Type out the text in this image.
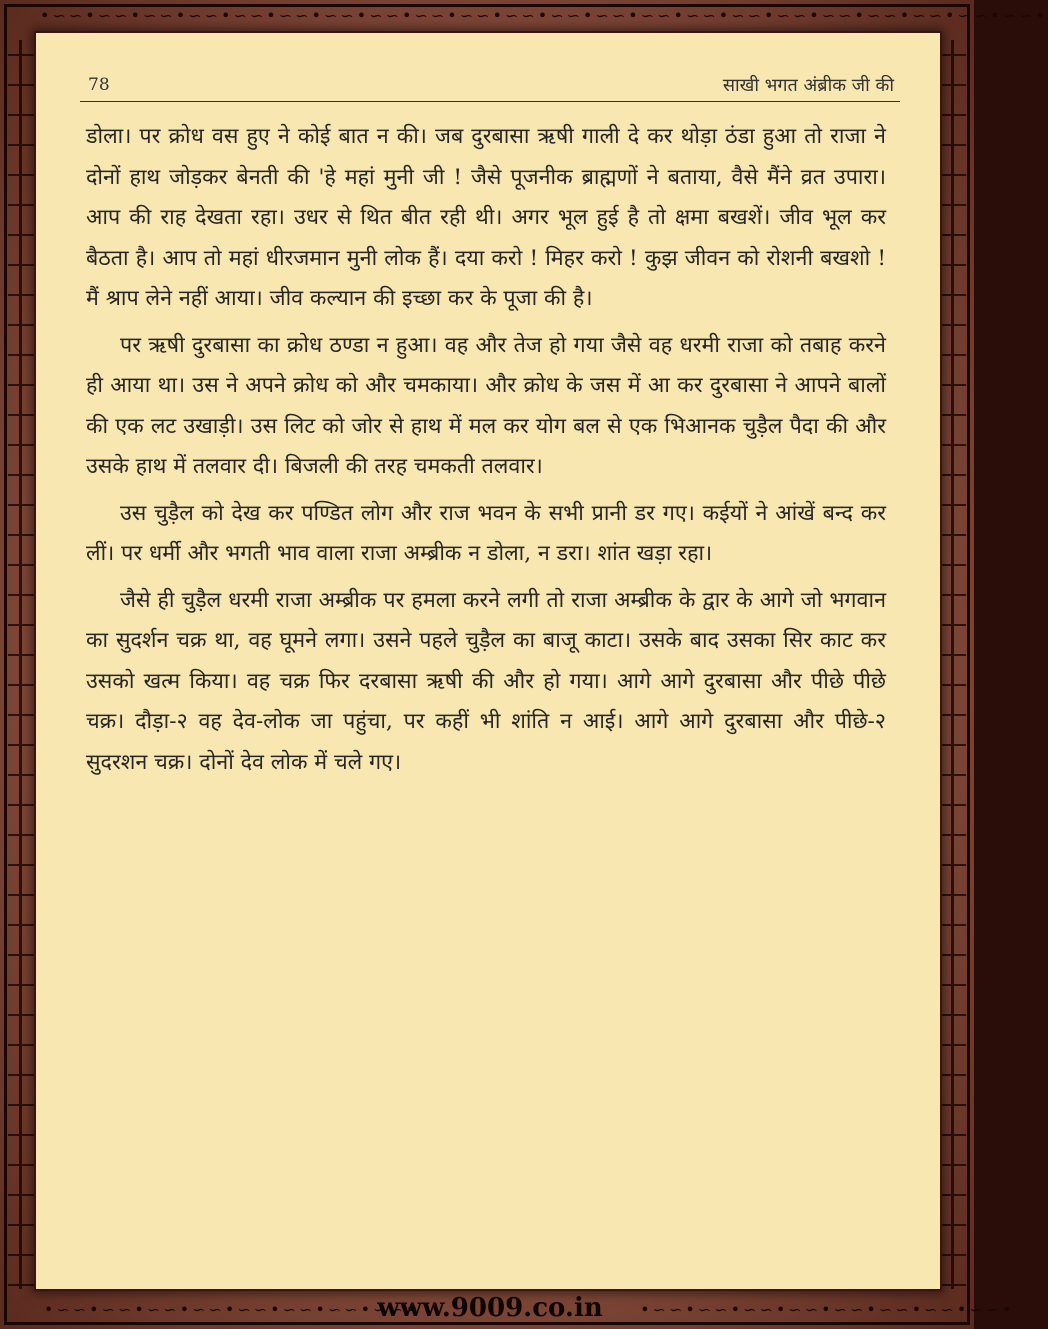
•∽∽•∽∽•∽∽•∽∽•∽∽•∽∽•∽∽•∽∽•∽∽•∽∽•∽∽•∽∽•∽∽•∽∽•∽∽•∽∽•∽∽•∽∽•∽∽•∽∽•∽∽•∽∽•
78	साखी भगत अंब्रीक जी की

डोला। पर क्रोध वस हुए ने कोई बात न की। जब दुरबासा ऋषी गाली दे कर थोड़ा ठंडा हुआ तो राजा ने दोनों हाथ जोड़कर बेनती की 'हे महां मुनी जी ! जैसे पूजनीक ब्राह्मणों ने बताया, वैसे मैंने व्रत उपारा। आप की राह देखता रहा। उधर से थित बीत रही थी। अगर भूल हुई है तो क्षमा बखशें। जीव भूल कर बैठता है। आप तो महां धीरजमान मुनी लोक हैं। दया करो ! मिहर करो ! कुझ जीवन को रोशनी बखशो ! मैं श्राप लेने नहीं आया। जीव कल्यान की इच्छा कर के पूजा की है।

पर ऋषी दुरबासा का क्रोध ठण्डा न हुआ। वह और तेज हो गया जैसे वह धरमी राजा को तबाह करने ही आया था। उस ने अपने क्रोध को और चमकाया। और क्रोध के जस में आ कर दुरबासा ने आपने बालों की एक लट उखाड़ी। उस लिट को जोर से हाथ में मल कर योग बल से एक भिआनक चुड़ैल पैदा की और उसके हाथ में तलवार दी। बिजली की तरह चमकती तलवार।

उस चुड़ैल को देख कर पण्डित लोग और राज भवन के सभी प्रानी डर गए। कईयों ने आंखें बन्द कर लीं। पर धर्मी और भगती भाव वाला राजा अम्ब्रीक न डोला, न डरा। शांत खड़ा रहा।

जैसे ही चुड़ैल धरमी राजा अम्ब्रीक पर हमला करने लगी तो राजा अम्ब्रीक के द्वार के आगे जो भगवान का सुदर्शन चक्र था, वह घूमने लगा। उसने पहले चुड़ैल का बाजू काटा। उसके बाद उसका सिर काट कर उसको खत्म किया। वह चक्र फिर दरबासा ऋषी की और हो गया। आगे आगे दुरबासा और पीछे पीछे चक्र। दौड़ा-२ वह देव-लोक जा पहुंचा, पर कहीं भी शांति न आई। आगे आगे दुरबासा और पीछे-२ सुदरशन चक्र। दोनों देव लोक में चले गए।

•∽∽•∽∽•∽∽•∽∽•∽∽•∽∽•∽∽•∽∽•	•∽∽•∽∽•∽∽•∽∽•∽∽•∽∽•∽∽•∽∽•
www.9009.co.in
